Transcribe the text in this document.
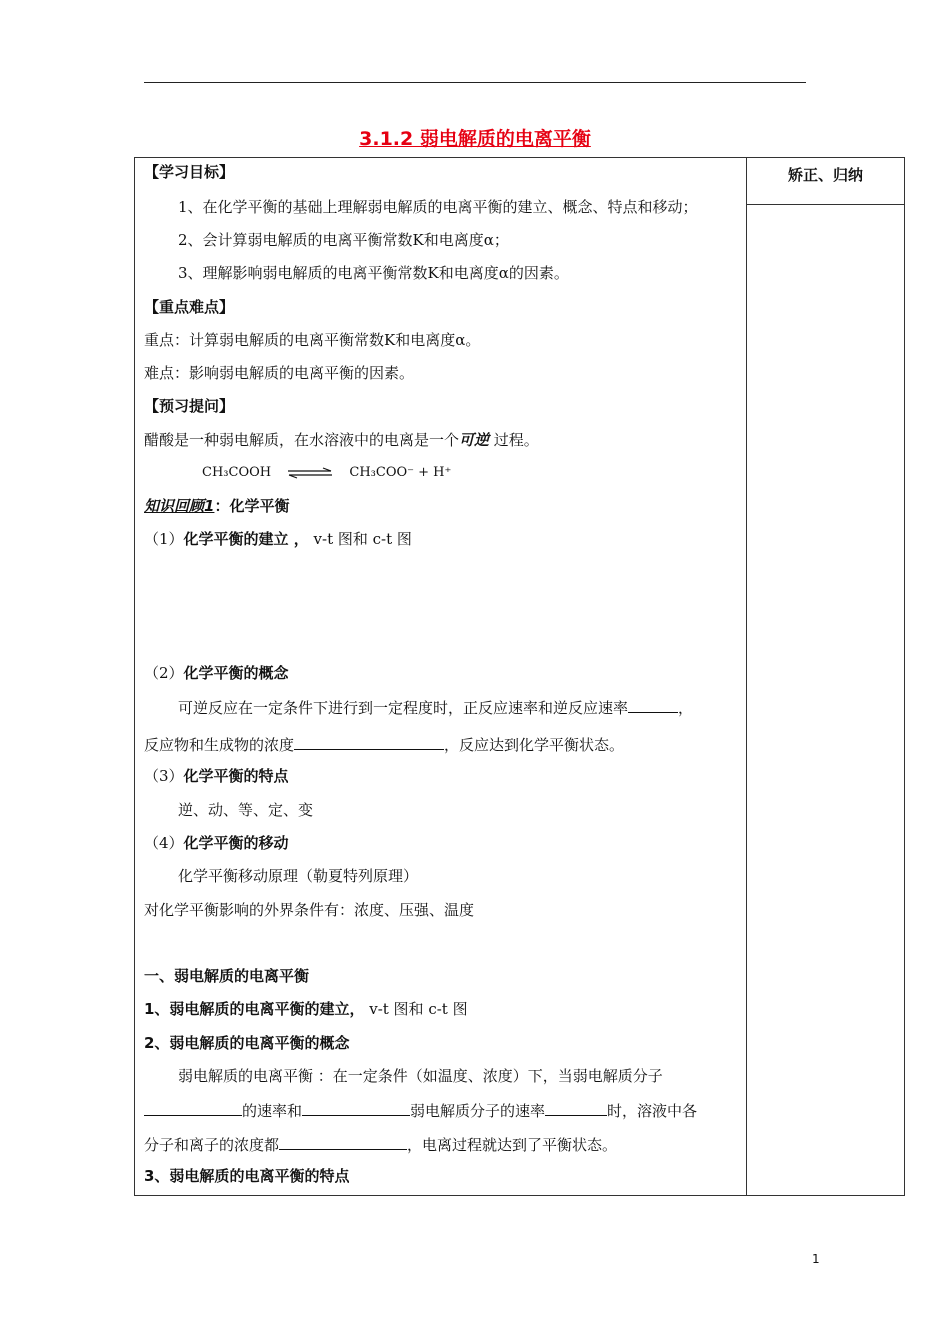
3.1.2 弱电解质的电离平衡
矫正、归纳
【学习目标】
1、在化学平衡的基础上理解弱电解质的电离平衡的建立、概念、特点和移动；
2、会计算弱电解质的电离平衡常数K和电离度α；
3、理解影响弱电解质的电离平衡常数K和电离度α的因素。
【重点难点】
重点：计算弱电解质的电离平衡常数K和电离度α。
难点：影响弱电解质的电离平衡的因素。
【预习提问】
醋酸是一种弱电解质，在水溶液中的电离是一个可逆 过程。
CH₃COOH ⇌ CH₃COO⁻ + H⁺
知识回顾1：化学平衡
（1）化学平衡的建立 ， v-t 图和 c-t 图
（2）化学平衡的概念
可逆反应在一定条件下进行到一定程度时，正反应速率和逆反应速率	，
反应物和生成物的浓度	，反应达到化学平衡状态。
（3）化学平衡的特点
逆、动、等、定、变
（4）化学平衡的移动
化学平衡移动原理（勒夏特列原理）
对化学平衡影响的外界条件有：浓度、压强、温度
一、弱电解质的电离平衡
1、弱电解质的电离平衡的建立， v-t 图和 c-t 图
2、弱电解质的电离平衡的概念
弱电解质的电离平衡 ：在一定条件（如温度、浓度）下，当弱电解质分子
的速率和	弱电解质分子的速率	时，溶液中各
分子和离子的浓度都	，电离过程就达到了平衡状态。
3、弱电解质的电离平衡的特点
1
